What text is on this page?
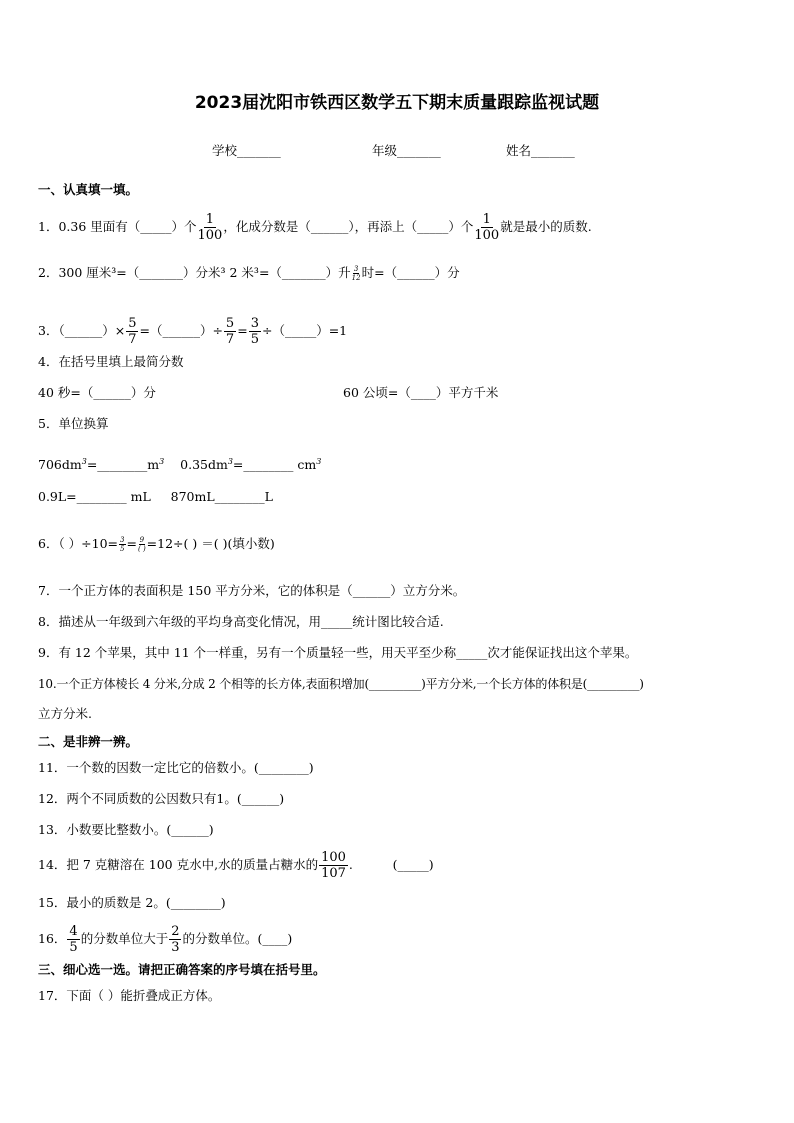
2023届沈阳市铁西区数学五下期末质量跟踪监视试题
学校_______	年级_______	姓名_______
一、认真填一填。
1．0.36 里面有（_____）个 $\frac{1}{100}$ ，化成分数是（______），再添上（_____）个 $\frac{1}{100}$ 就是最小的质数.
2．300 厘米³=（_______）分米³ 2 米³=（_______）升 $\frac{3}{12}$ 时=（______）分
3．（______）× $\frac{5}{7}$ =（______）÷ $\frac{5}{7} = \frac{3}{5}$ ÷（_____）=1
4．在括号里填上最简分数
40 秒=（______）分	60 公顷=（____）平方千米
5．单位换算
$706dm^3=\_\_\_\_\_\_\_\_m^3$ $0.35dm^3=\_\_\_\_\_\_\_\_$ $cm^3$
0.9L=________ mL     870mL________L
6．（ ）$\div 10= \frac{3}{5} = 9$
( ) =12÷( ) ＝( )(填小数)
7．一个正方体的表面积是 150 平方分米，它的体积是（______）立方分米。
8．描述从一年级到六年级的平均身高变化情况，用_____统计图比较合适.
9．有 12 个苹果，其中 11 个一样重，另有一个质量轻一些，用天平至少称_____次才能保证找出这个苹果。
10.一个正方体棱长 4 分米,分成 2 个相等的长方体,表面积增加(_________)平方分米,一个长方体的体积是(_________)
立方分米.
二、是非辨一辨。
11．一个数的因数一定比它的倍数小。(________)
12．两个不同质数的公因数只有1。(______)
13．小数要比整数小。(______)
14．把 7 克糖溶在 100 克水中,水的质量占糖水的 $\frac{100}{107}$ .          (_____)
15．最小的质数是 2。(________)
16． $\frac{4}{5}$ 的分数单位大于 $\frac{2}{3}$ 的分数单位。(____)
三、细心选一选。请把正确答案的序号填在括号里。
17．下面（ ）能折叠成正方体。
